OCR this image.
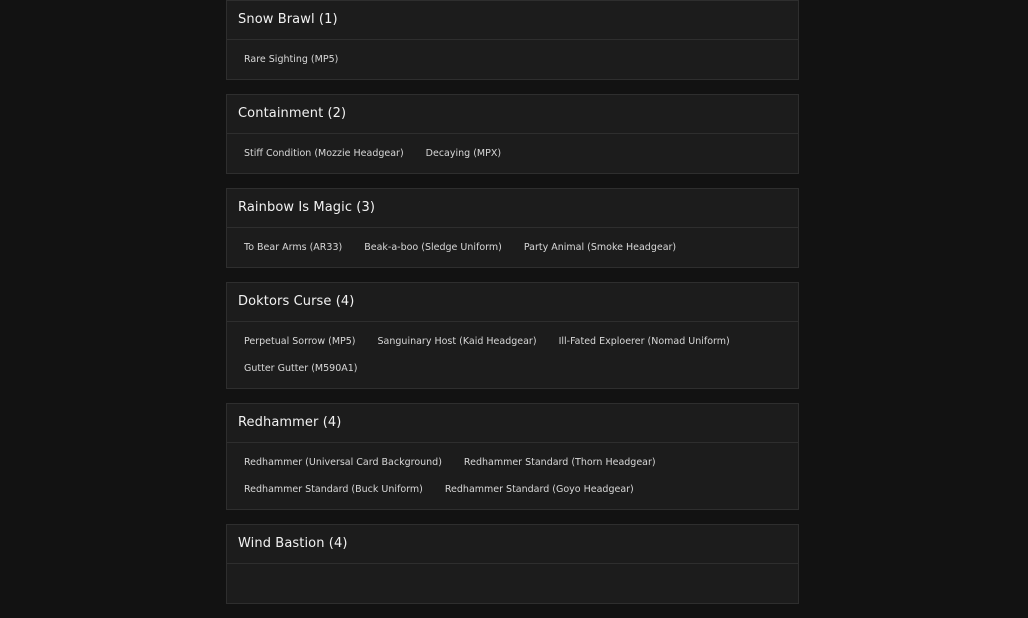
Snow Brawl (1)
Rare Sighting (MP5)
Containment (2)
Stiff Condition (Mozzie Headgear)	Decaying (MPX)
Rainbow Is Magic (3)
To Bear Arms (AR33)	Beak-a-boo (Sledge Uniform)	Party Animal (Smoke Headgear)
Doktors Curse (4)
Perpetual Sorrow (MP5)	Sanguinary Host (Kaid Headgear)	Ill-Fated Exploerer (Nomad Uniform)
Gutter Gutter (M590A1)
Redhammer (4)
Redhammer (Universal Card Background)	Redhammer Standard (Thorn Headgear)
Redhammer Standard (Buck Uniform)	Redhammer Standard (Goyo Headgear)
Wind Bastion (4)
